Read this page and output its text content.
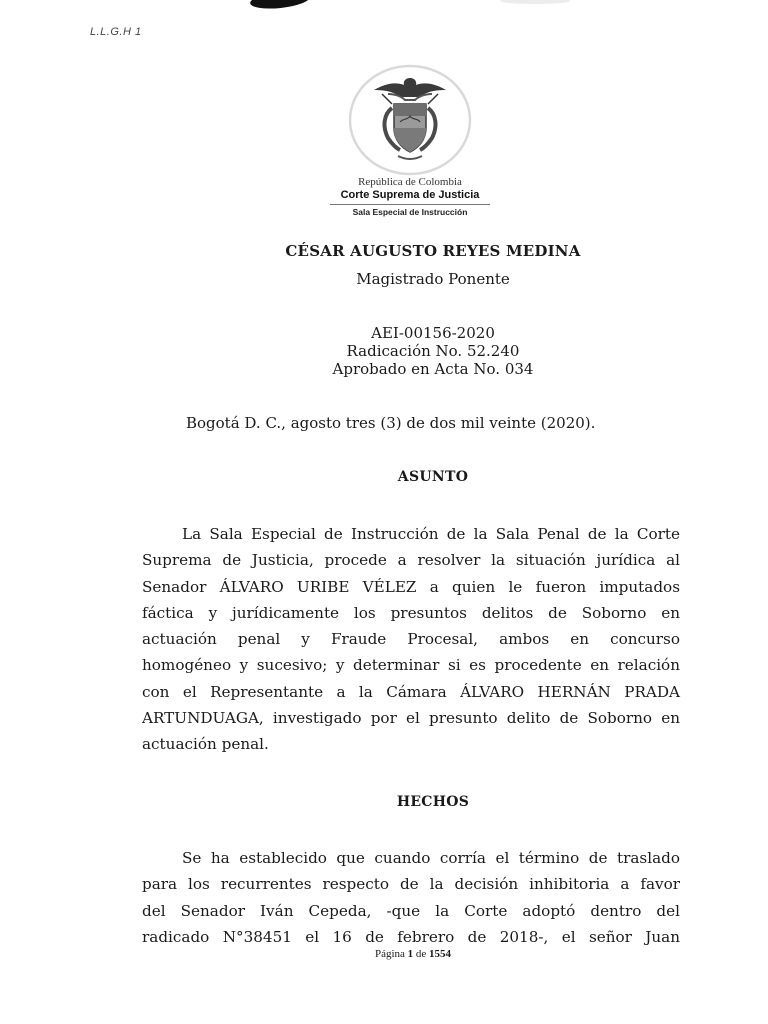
L.L.G.H 1
República de Colombia
Corte Suprema de Justicia
Sala Especial de Instrucción
CÉSAR AUGUSTO REYES MEDINA
Magistrado Ponente
AEI-00156-2020
Radicación No. 52.240
Aprobado en Acta No. 034
Bogotá D. C., agosto tres (3) de dos mil veinte (2020).
ASUNTO
La Sala Especial de Instrucción de la Sala Penal de la Corte
Suprema de Justicia, procede a resolver la situación jurídica al
Senador ÁLVARO URIBE VÉLEZ a quien le fueron imputados
fáctica y jurídicamente los presuntos delitos de Soborno en
actuación penal y Fraude Procesal, ambos en concurso
homogéneo y sucesivo; y determinar si es procedente en relación
con el Representante a la Cámara ÁLVARO HERNÁN PRADA
ARTUNDUAGA, investigado por el presunto delito de Soborno en
actuación penal.
HECHOS
Se ha establecido que cuando corría el término de traslado
para los recurrentes respecto de la decisión inhibitoria a favor
del Senador Iván Cepeda, -que la Corte adoptó dentro del
radicado N°38451 el 16 de febrero de 2018-, el señor Juan
Página 1 de 1554
